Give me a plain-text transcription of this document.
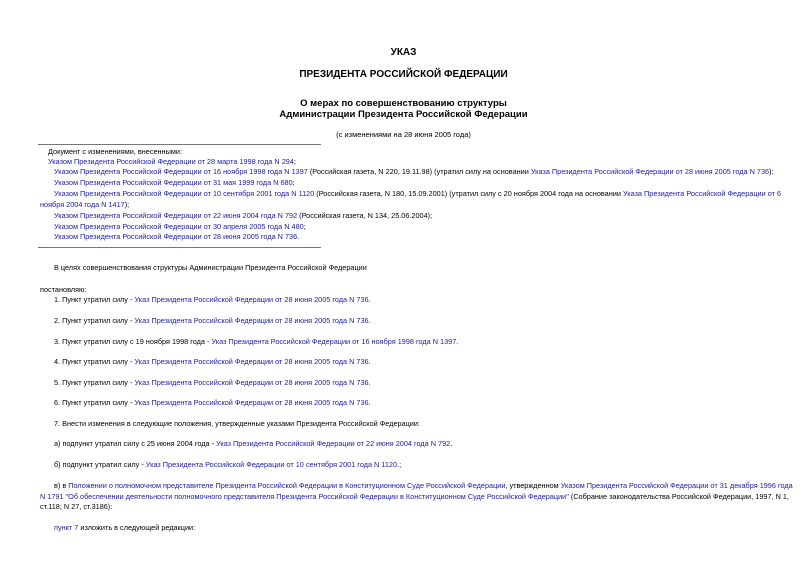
УКАЗ
ПРЕЗИДЕНТА РОССИЙСКОЙ ФЕДЕРАЦИИ
О мерах по совершенствованию структуры
Администрации Президента Российской Федерации
(с изменениями на 28 июня 2005 года)
Документ с изменениями, внесенными:
Указом Президента Российской Федерации от 28 марта 1998 года N 294;
Указом Президента Российской Федерации от 16 ноября 1998 года N 1397 (Российская газета, N 220, 19.11.98) (утратил силу на основании Указа Президента Российской Федерации от 28 июня 2005 года N 736);
Указом Президента Российской Федерации от 31 мая 1999 года N 680;
Указом Президента Российской Федерации от 10 сентября 2001 года N 1120 (Российская газета, N 180, 15.09.2001) (утратил силу с 20 ноября 2004 года на основании Указа Президента Российской Федерации от 6 ноября 2004 года N 1417);
Указом Президента Российской Федерации от 22 июня 2004 года N 792 (Российская газета, N 134, 25.06.2004);
Указом Президента Российской Федерации от 30 апреля 2005 года N 480;
Указом Президента Российской Федерации от 28 июня 2005 года N 736.
В целях совершенствования структуры Администрации Президента Российской Федерации
постановляю:
1. Пункт утратил силу - Указ Президента Российской Федерации от 28 июня 2005 года N 736.
2. Пункт утратил силу - Указ Президента Российской Федерации от 28 июня 2005 года N 736.
3. Пункт утратил силу с 19 ноября 1998 года - Указ Президента Российской Федерации от 16 ноября 1998 года N 1397.
4. Пункт утратил силу - Указ Президента Российской Федерации от 28 июня 2005 года N 736.
5. Пункт утратил силу - Указ Президента Российской Федерации от 28 июня 2005 года N 736.
6. Пункт утратил силу - Указ Президента Российской Федерации от 28 июня 2005 года N 736.
7. Внести изменения в следующие положения, утвержденные указами Президента Российской Федерации:
а) подпункт утратил силу с 25 июня 2004 года - Указ Президента Российской Федерации от 22 июня 2004 года N 792.
б) подпункт утратил силу - Указ Президента Российской Федерации от 10 сентября 2001 года N 1120.;
в) в Положении о полномочном представителе Президента Российской Федерации в Конституционном Суде Российской Федерации, утвержденном Указом Президента Российской Федерации от 31 декабря 1996 года N 1791 "Об обеспечении деятельности полномочного представителя Президента Российской Федерации в Конституционном Суде Российской Федерации" (Собрание законодательства Российской Федерации, 1997, N 1, ст.118; N 27, ст.3186):
пункт 7 изложить в следующей редакции:
